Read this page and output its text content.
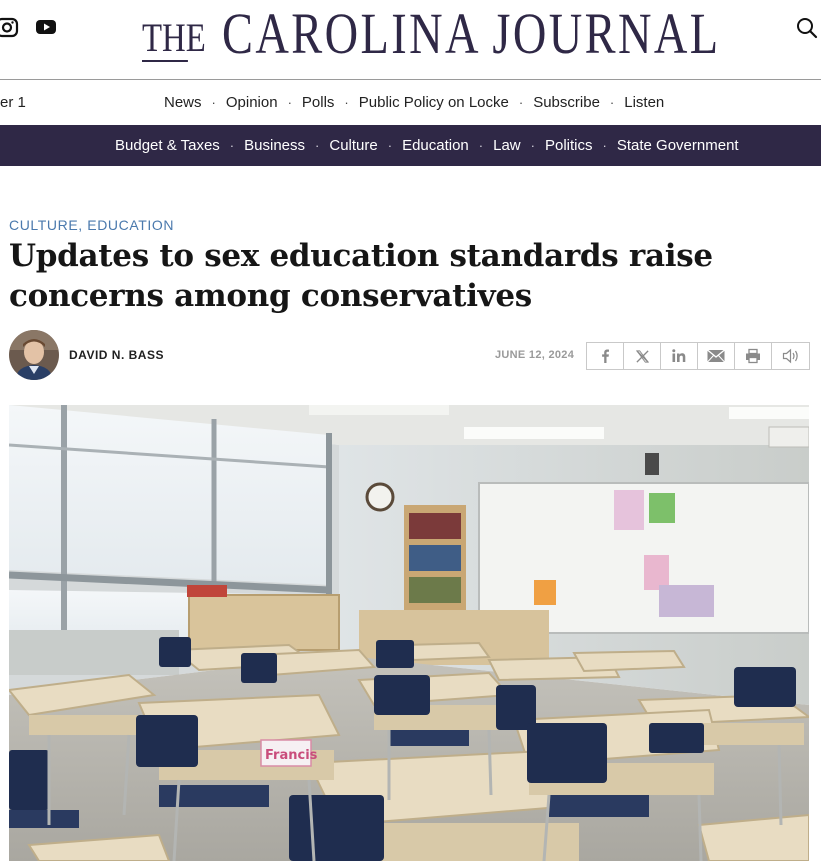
THE CAROLINA JOURNAL
er 1	News · Opinion · Polls · Public Policy on Locke · Subscribe · Listen
Budget & Taxes · Business · Culture · Education · Law · Politics · State Government
CULTURE, EDUCATION
Updates to sex education standards raise concerns among conservatives
DAVID N. BASS	JUNE 12, 2024
Francis
